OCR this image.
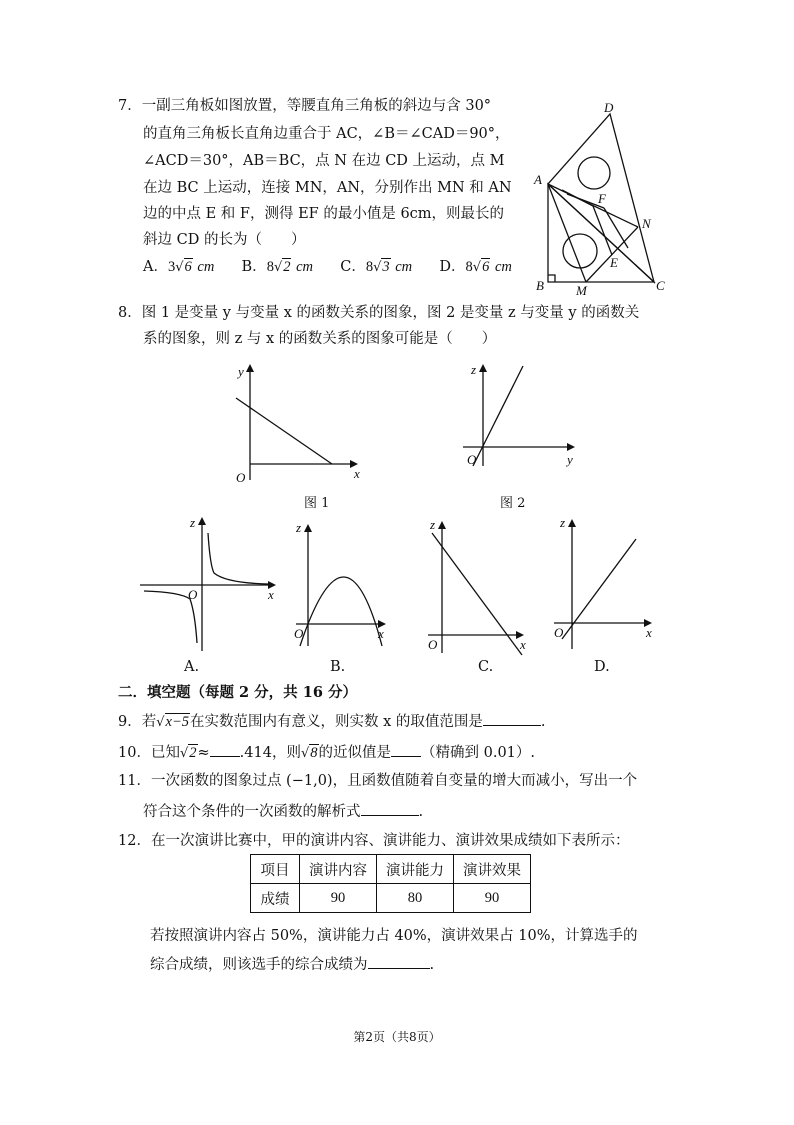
7．一副三角板如图放置，等腰直角三角板的斜边与含 30°
的直角三角板长直角边重合于 AC，∠B＝∠CAD＝90°，
∠ACD＝30°，AB＝BC，点 N 在边 CD 上运动，点 M
在边 BC 上运动，连接 MN，AN，分别作出 MN 和 AN
边的中点 E 和 F，测得 EF 的最小值是 6cm，则最长的
斜边 CD 的长为（　　）
A．3√6 cm B．8√2 cm C．8√3 cm D．8√6 cm
D
A
F
N
E
B M	C
8．图 1 是变量 y 与变量 x 的函数关系的图象，图 2 是变量 z 与变量 y 的函数关
系的图象，则 z 与 x 的函数关系的图象可能是（　　）
y
x
O
图 1
z
y
O
图 2
z
x
O
A.
z
x
O
B.
z
x
O
C.
z
x
O
D.
二．填空题（每题 2 分，共 16 分）
9．若√x−5在实数范围内有意义，则实数 x 的取值范围是	.
10．已知√2≈ .414，则√8的近似值是 （精确到 0.01）.
11．一次函数的图象过点 (−1,0)，且函数值随着自变量的增大而减小，写出一个
符合这个条件的一次函数的解析式	.
12．在一次演讲比赛中，甲的演讲内容、演讲能力、演讲效果成绩如下表所示：
项目	演讲内容	演讲能力	演讲效果
成绩	90	80	90
若按照演讲内容占 50%，演讲能力占 40%，演讲效果占 10%，计算选手的
综合成绩，则该选手的综合成绩为	.
第2页（共8页）
